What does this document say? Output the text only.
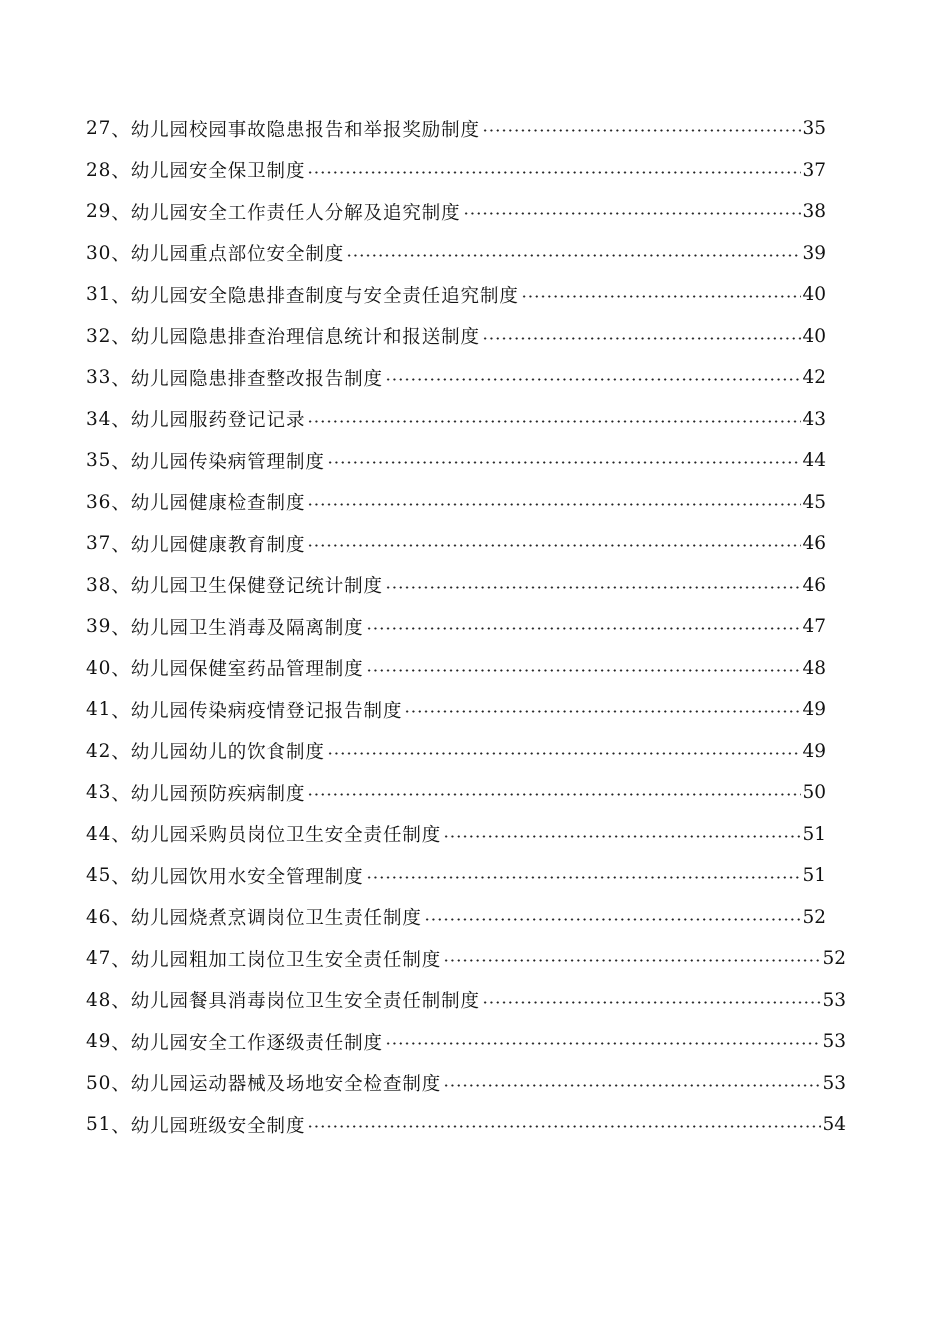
27 、 幼儿园校园事故隐患报告和举报奖励制度	35
28 、 幼儿园安全保卫制度	37
29 、 幼儿园安全工作责任人分解及追究制度	38
30 、 幼儿园重点部位安全制度	39
31 、 幼儿园安全隐患排查制度与安全责任追究制度	40
32 、 幼儿园隐患排查治理信息统计和报送制度	40
33 、 幼儿园隐患排查整改报告制度	42
34 、 幼儿园服药登记记录	43
35 、 幼儿园传染病管理制度	44
36 、 幼儿园健康检查制度	45
37 、 幼儿园健康教育制度	46
38 、 幼儿园卫生保健登记统计制度	46
39 、 幼儿园卫生消毒及隔离制度	47
40 、 幼儿园保健室药品管理制度	48
41 、 幼儿园传染病疫情登记报告制度	49
42 、 幼儿园幼儿的饮食制度	49
43 、 幼儿园预防疾病制度	50
44 、 幼儿园采购员岗位卫生安全责任制度	51
45 、 幼儿园饮用水安全管理制度	51
46 、 幼儿园烧煮烹调岗位卫生责任制度	52
47 、 幼儿园粗加工岗位卫生安全责任制度	52
48 、 幼儿园餐具消毒岗位卫生安全责任制制度	53
49 、 幼儿园安全工作逐级责任制度	53
50 、 幼儿园运动器械及场地安全检查制度	53
51 、 幼儿园班级安全制度	54
